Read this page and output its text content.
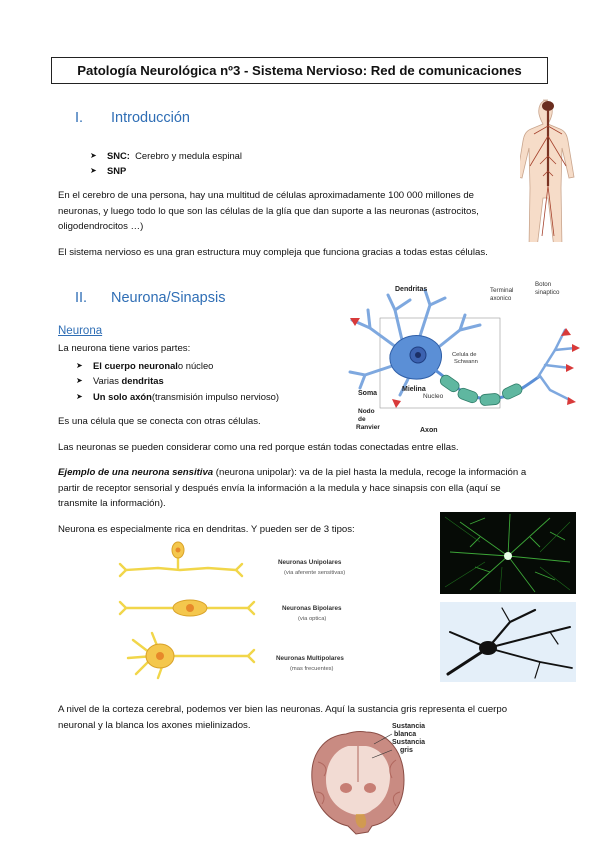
Patología Neurológica nº3 - Sistema Nervioso: Red de comunicaciones
I. Introducción
➤	SNC:
Cerebro y medula espinal
➤	SNP
En el cerebro de una persona, hay una multitud de células aproximadamente 100 000 millones de neuronas, y luego todo lo que son las células de la glía que dan suporte a las neuronas (astrocitos, oligodendrocitos …)
El sistema nervioso es una gran estructura muy compleja que funciona gracias a todas estas células.
II. Neurona/Sinapsis
Neurona
La neurona tiene varios partes:
➤	El cuerpo neuronal o núcleo
➤	Varias
dendritas
➤	Un solo axón (transmisión impulso nervioso)
Es una célula que se conecta con otras células.
Las neuronas se pueden considerar como una red porque están todas conectadas entre ellas.
Ejemplo de una neurona sensitiva (neurona unipolar): va de la piel hasta la medula, recoge la información a partir de receptor sensorial y después envía la información a la medula y hace sinapsis con ella (aquí se transmite la información).
Neurona es especialmente rica en dendritas. Y pueden ser de 3 tipos:
A nivel de la corteza cerebral, podemos ver bien las neuronas. Aquí la sustancia gris representa el cuerpo neuronal y la blanca los axones mielinizados.
Dendritas	Terminal
axonico
Boton
sinaptico
Celula de
Schwann
Soma
Mielina
Nucleo
Nodo
de
Ranvier	Axon
Neuronas Unipolares
(via aferente sensitivas)
Neuronas Bipolares
(via optica)
Neuronas Multipolares
(mas frecuentes)
Sustancia
blanca
Sustancia
gris
